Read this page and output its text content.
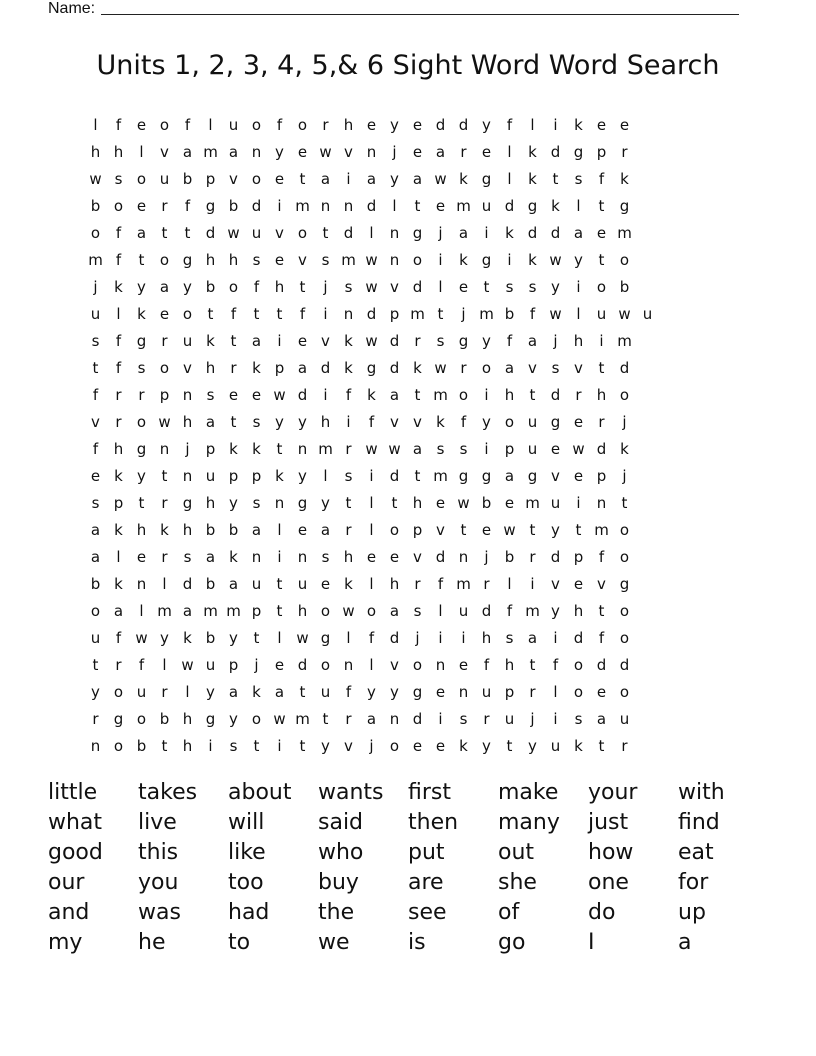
Name:
Units 1, 2, 3, 4, 5,& 6 Sight Word Word Search
l	f	e o	f	l	u o	f	o	r	h e y e d d y	f	l	i	k e e
h h	l	v a m a n y e w v n	j	e a	r	e	l	k d g p	r
w s o u b p v o e	t	a	i	a y a w k g	l	k	t	s	f	k
b o e	r	f	g b d	i m n n d	l	t	e m u d g k	l	t	g
o	f	a	t	t	d w u v o	t	d	l	n g	j	a	i	k d d a e m
m f	t	o g h h s e v s m w n o	i	k g	i	k w y	t	o
j	k y a y b o	f	h	t	j	s w v d	l	e	t	s	s y	i	o b
u	l	k e o	t	f	t	t	f	i	n d p m t	j m b	f w l	u w u
s	f	g	r	u k	t	a	i	e v k w d	r	s g y	f	a	j	h	i m
t	f	s o v h	r	k p a d k g d k w r	o a v s v	t	d
f	r	r	p n s e e w d	i	f	k a	t m o	i	h	t	d	r	h o
v	r	o w h a	t	s y y h	i	f	v v k	f	y o u g e	r	j
f	h g n	j	p k k	t	n m r w w a s	s	i	p u e w d k
e k y	t	n u p p k y	l	s	i	d	t m g g a g v e p	j
s p	t	r	g h y s n g y	t	l	t	h e w b e m u	i	n	t
a k h k h b b a	l	e a	r	l	o p v	t	e w t	y	t m o
a	l	e	r	s a k n	i	n s h e e v d n	j	b	r	d p	f	o
b k n	l	d b a u	t	u e k	l	h	r	f m r	l	i	v e v g
o a	l m a m m p	t	h o w o a s	l	u d	f m y h	t	o
u	f w y k b y	t	l w g	l	f	d	j	i	i	h s a	i	d	f	o
t	r	f	l w u p	j	e d o n	l	v o n e	f	h	t	f	o d d
y o u	r	l	y a k a	t	u	f	y y g e n u p	r	l	o e o
r	g o b h g y o w m t	r	a n d	i	s	r	u	j	i	s a u
n o b	t	h	i	s	t	i	t	y v	j	o e e k y	t	y u k	t	r
little	takes	about	wants	first	make	your	with
what	live	will	said	then	many	just	find
good	this	like	who	put	out	how	eat
our	you	too	buy	are	she	one	for
and	was	had	the	see	of	do	up
my	he	to	we	is	go	I	a
